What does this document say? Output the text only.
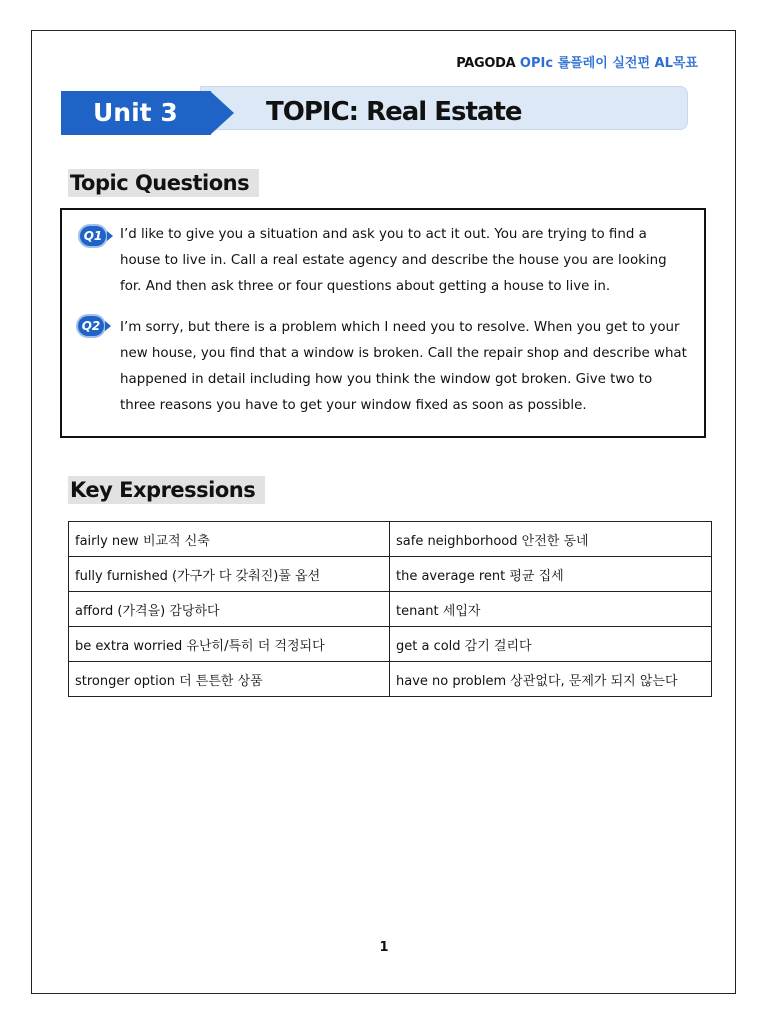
PAGODA OPIc 롤플레이 실전편 AL목표
Unit 3	TOPIC: Real Estate
Topic Questions
Q1 I’d like to give you a situation and ask you to act it out. You are trying to find a house to live in. Call a real estate agency and describe the house you are looking for. And then ask three or four questions about getting a house to live in.
Q2 I’m sorry, but there is a problem which I need you to resolve. When you get to your new house, you find that a window is broken. Call the repair shop and describe what happened in detail including how you think the window got broken. Give two to three reasons you have to get your window fixed as soon as possible.
Key Expressions
fairly new 비교적 신축	safe neighborhood 안전한 동네
fully furnished (가구가 다 갖춰진)풀 옵션	the average rent 평균 집세
afford (가격을) 감당하다	tenant 세입자
be extra worried 유난히/특히 더 걱정되다	get a cold 감기 걸리다
stronger option 더 튼튼한 상품	have no problem 상관없다, 문제가 되지 않는다
1
